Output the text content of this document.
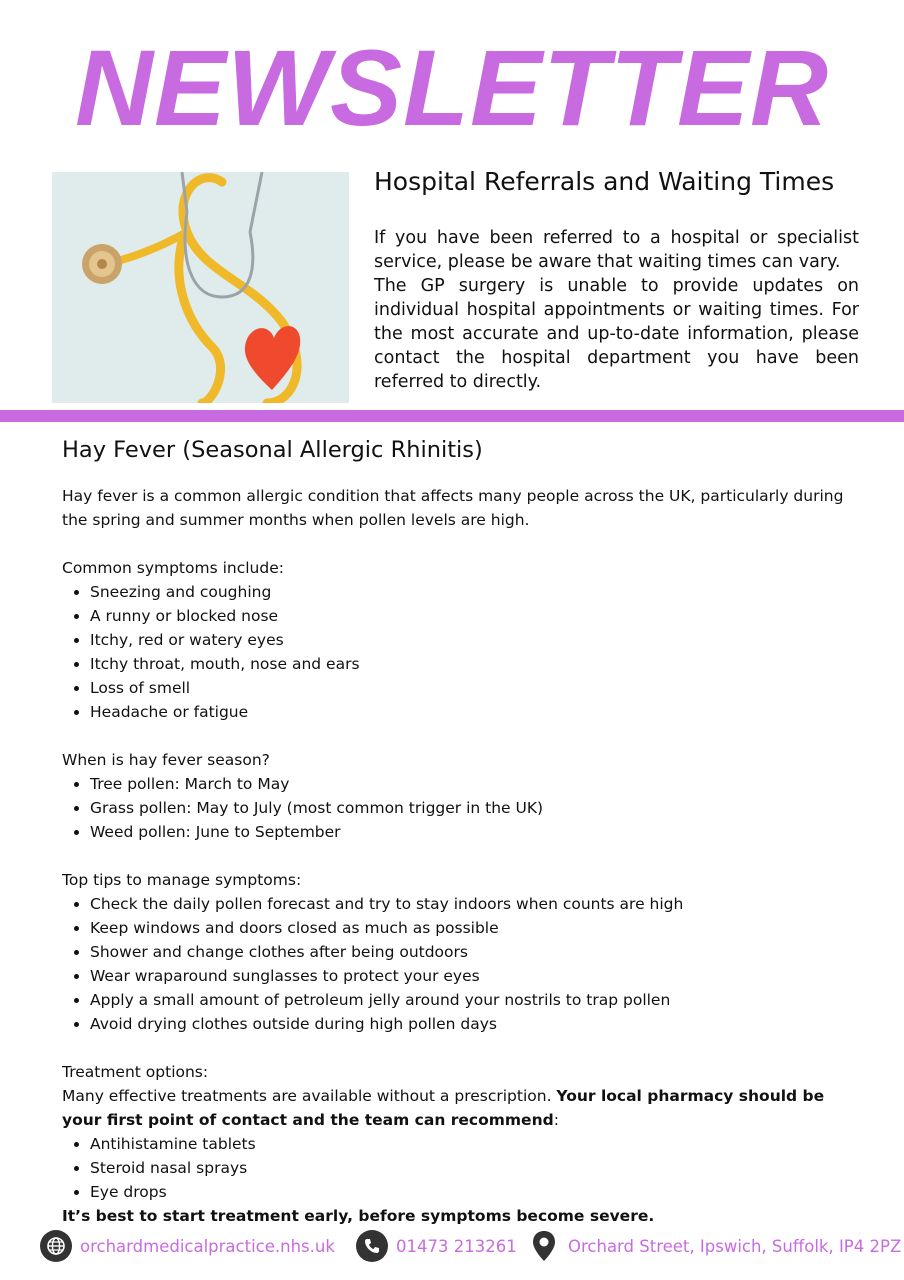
NEWSLETTER
Hospital Referrals and Waiting Times

If you have been referred to a hospital or specialist service, please be aware that waiting times can vary.

The GP surgery is unable to provide updates on individual hospital appointments or waiting times. For the most accurate and up-to-date information, please contact the hospital department you have been referred to directly.

Hay Fever (Seasonal Allergic Rhinitis)

Hay fever is a common allergic condition that affects many people across the UK, particularly during the spring and summer months when pollen levels are high.

Common symptoms include:

• Sneezing and coughing
• A runny or blocked nose
• Itchy, red or watery eyes
• Itchy throat, mouth, nose and ears
• Loss of smell
• Headache or fatigue

When is hay fever season?

• Tree pollen: March to May
• Grass pollen: May to July (most common trigger in the UK)
• Weed pollen: June to September

Top tips to manage symptoms:

• Check the daily pollen forecast and try to stay indoors when counts are high
• Keep windows and doors closed as much as possible
• Shower and change clothes after being outdoors
• Wear wraparound sunglasses to protect your eyes
• Apply a small amount of petroleum jelly around your nostrils to trap pollen
• Avoid drying clothes outside during high pollen days

Treatment options:

Many effective treatments are available without a prescription. Your local pharmacy should be your first point of contact and the team can recommend:

• Antihistamine tablets
• Steroid nasal sprays
• Eye drops

It’s best to start treatment early, before symptoms become severe.

orchardmedicalpractice.nhs.uk	01473 213261	Orchard Street, Ipswich, Suffolk, IP4 2PZ
